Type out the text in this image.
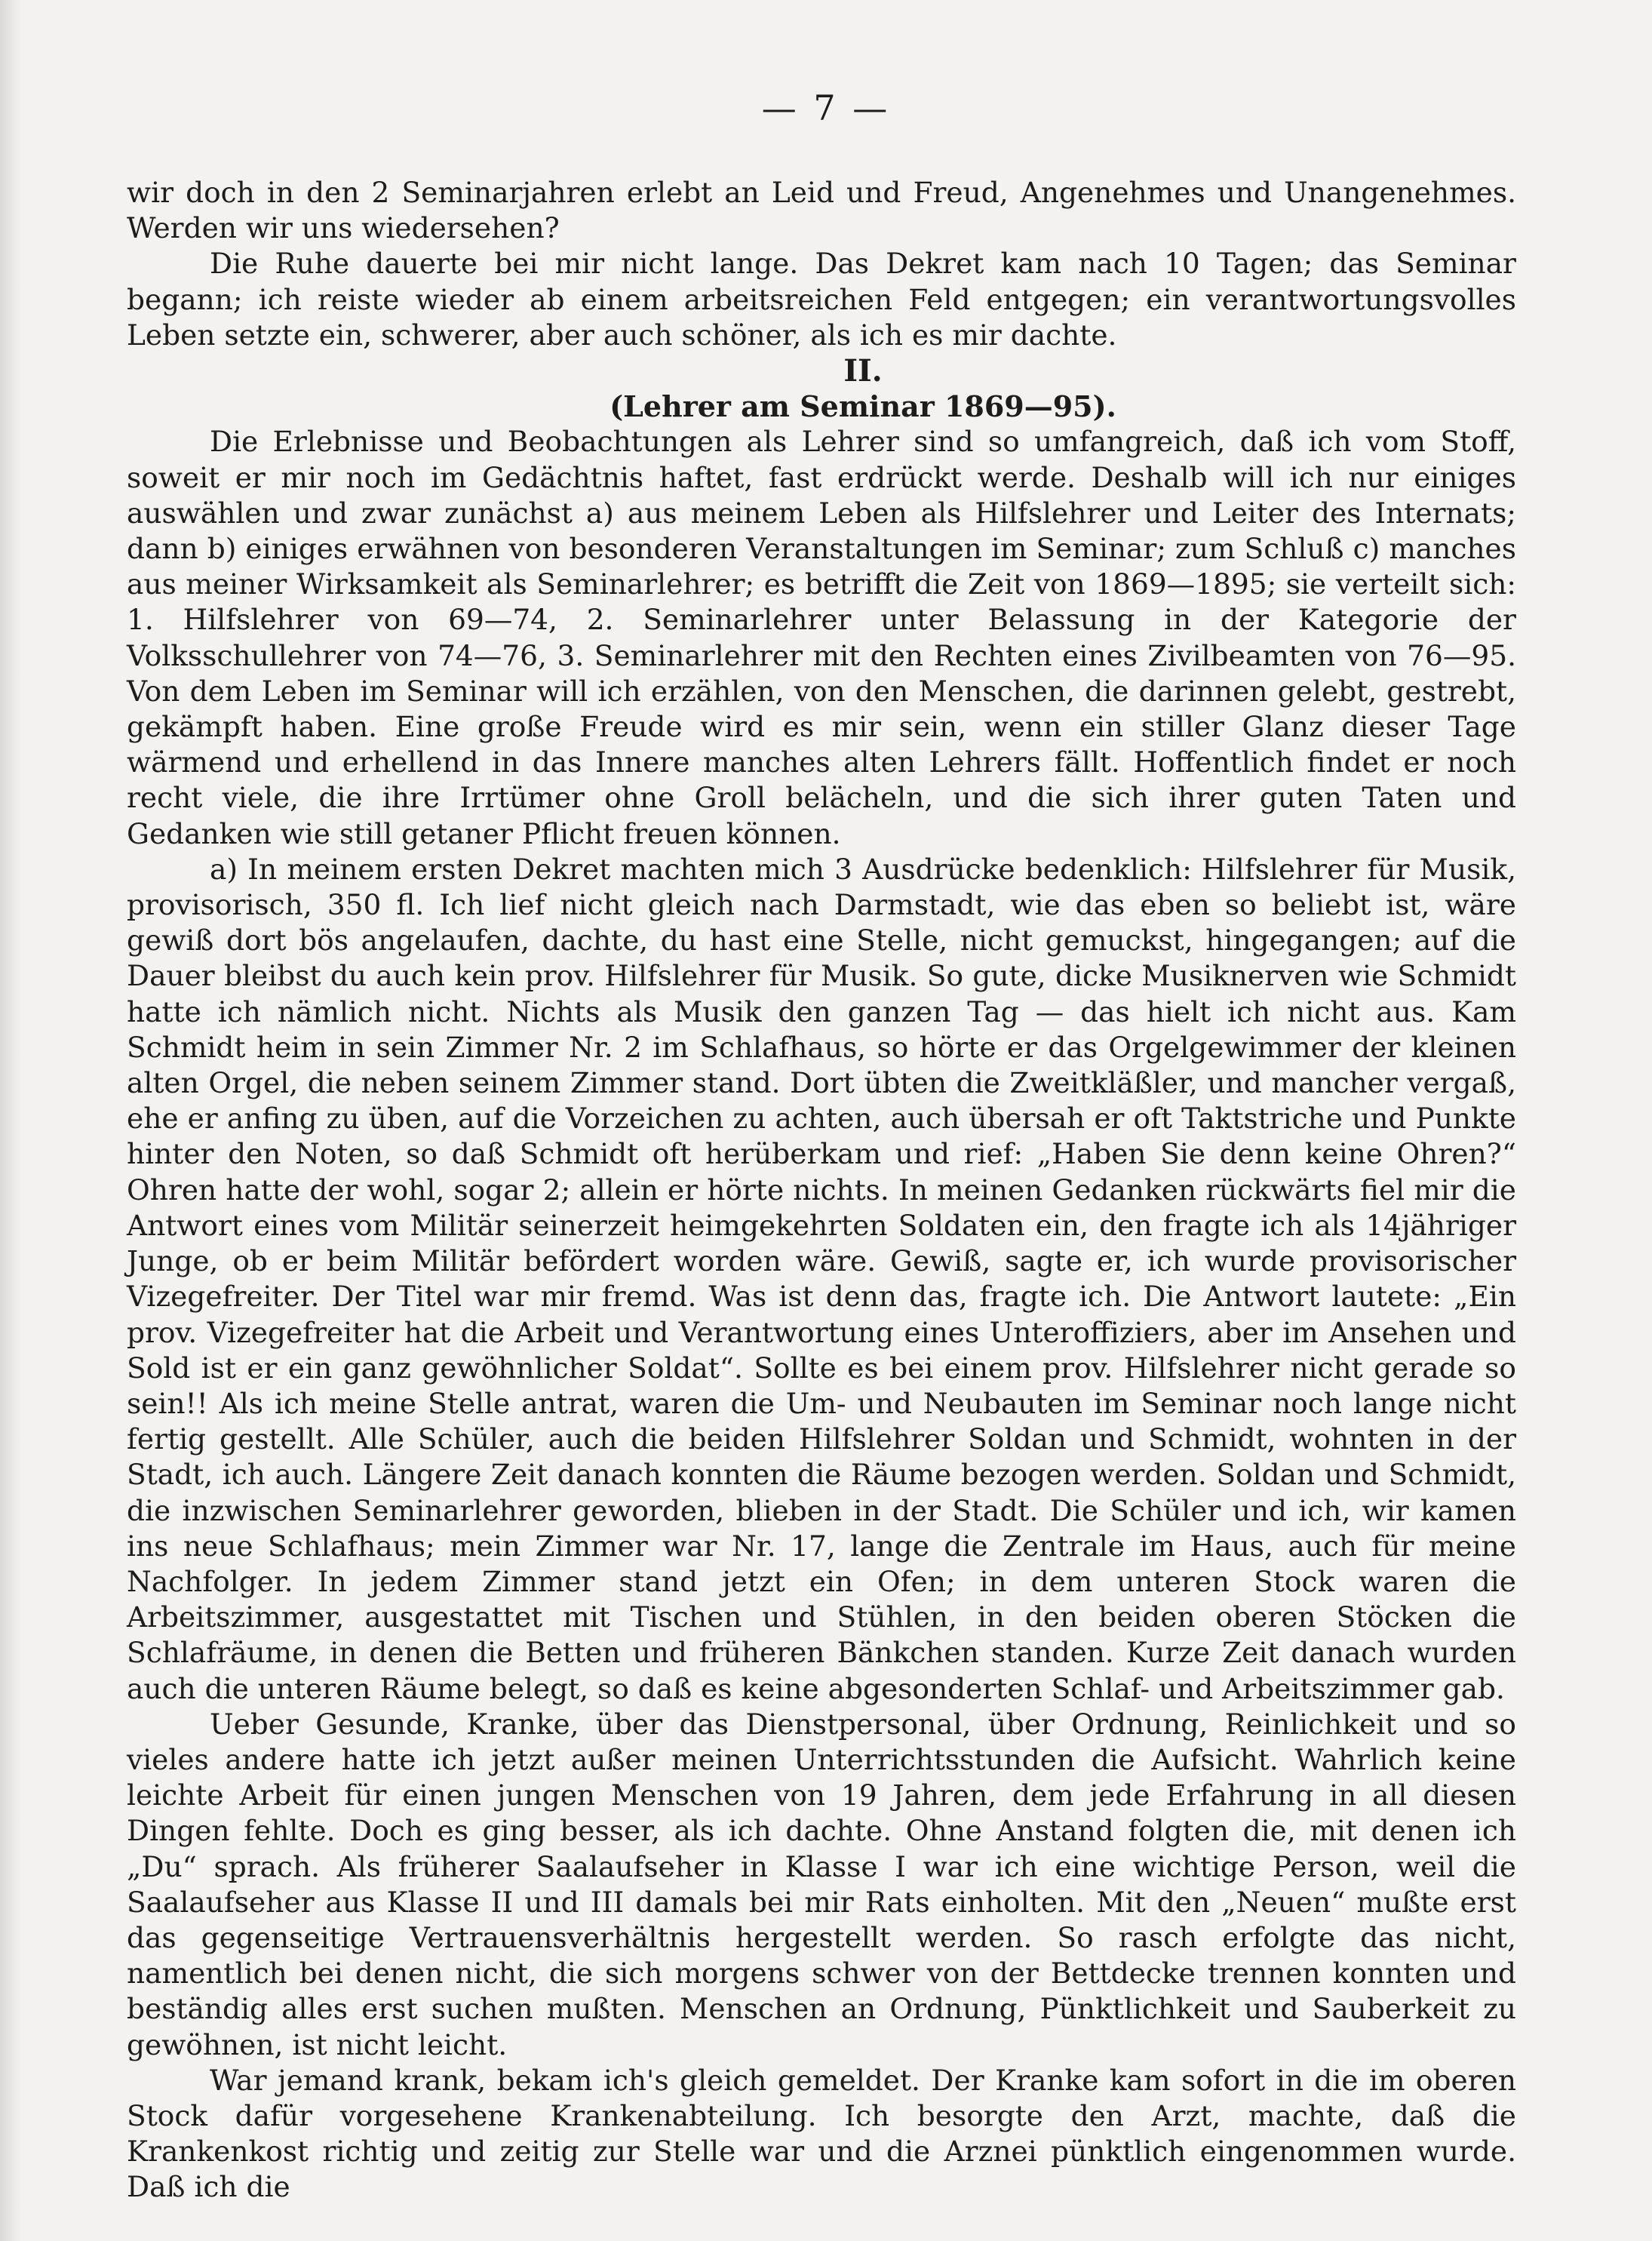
— 7 —

wir doch in den 2 Seminarjahren erlebt an Leid und Freud, Angenehmes und Unangenehmes. Werden wir uns wiedersehen?

Die Ruhe dauerte bei mir nicht lange. Das Dekret kam nach 10 Tagen; das Seminar begann; ich reiste wieder ab einem arbeitsreichen Feld entgegen; ein verantwortungsvolles Leben setzte ein, schwerer, aber auch schöner, als ich es mir dachte.

II.

(Lehrer am Seminar 1869—95).

Die Erlebnisse und Beobachtungen als Lehrer sind so umfangreich, daß ich vom Stoff, soweit er mir noch im Gedächtnis haftet, fast erdrückt werde. Deshalb will ich nur einiges auswählen und zwar zunächst a) aus meinem Leben als Hilfslehrer und Leiter des Internats; dann b) einiges erwähnen von besonderen Veranstaltungen im Seminar; zum Schluß c) manches aus meiner Wirksamkeit als Seminarlehrer; es betrifft die Zeit von 1869—1895; sie verteilt sich: 1. Hilfslehrer von 69—74, 2. Seminarlehrer unter Belassung in der Kategorie der Volksschullehrer von 74—76, 3. Seminarlehrer mit den Rechten eines Zivilbeamten von 76—95. Von dem Leben im Seminar will ich erzählen, von den Menschen, die darinnen gelebt, gestrebt, gekämpft haben. Eine große Freude wird es mir sein, wenn ein stiller Glanz dieser Tage wärmend und erhellend in das Innere manches alten Lehrers fällt. Hoffentlich findet er noch recht viele, die ihre Irrtümer ohne Groll belächeln, und die sich ihrer guten Taten und Gedanken wie still getaner Pflicht freuen können.

a) In meinem ersten Dekret machten mich 3 Ausdrücke bedenklich: Hilfslehrer für Musik, provisorisch, 350 fl. Ich lief nicht gleich nach Darmstadt, wie das eben so beliebt ist, wäre gewiß dort bös angelaufen, dachte, du hast eine Stelle, nicht gemuckst, hingegangen; auf die Dauer bleibst du auch kein prov. Hilfslehrer für Musik. So gute, dicke Musiknerven wie Schmidt hatte ich nämlich nicht. Nichts als Musik den ganzen Tag — das hielt ich nicht aus. Kam Schmidt heim in sein Zimmer Nr. 2 im Schlafhaus, so hörte er das Orgelgewimmer der kleinen alten Orgel, die neben seinem Zimmer stand. Dort übten die Zweitkläßler, und mancher vergaß, ehe er anfing zu üben, auf die Vorzeichen zu achten, auch übersah er oft Taktstriche und Punkte hinter den Noten, so daß Schmidt oft herüberkam und rief: „Haben Sie denn keine Ohren?“ Ohren hatte der wohl, sogar 2; allein er hörte nichts. In meinen Gedanken rückwärts fiel mir die Antwort eines vom Militär seinerzeit heimgekehrten Soldaten ein, den fragte ich als 14jähriger Junge, ob er beim Militär befördert worden wäre. Gewiß, sagte er, ich wurde provisorischer Vizegefreiter. Der Titel war mir fremd. Was ist denn das, fragte ich. Die Antwort lautete: „Ein prov. Vizegefreiter hat die Arbeit und Verantwortung eines Unteroffiziers, aber im Ansehen und Sold ist er ein ganz gewöhnlicher Soldat“. Sollte es bei einem prov. Hilfslehrer nicht gerade so sein!! Als ich meine Stelle antrat, waren die Um- und Neubauten im Seminar noch lange nicht fertig gestellt. Alle Schüler, auch die beiden Hilfslehrer Soldan und Schmidt, wohnten in der Stadt, ich auch. Längere Zeit danach konnten die Räume bezogen werden. Soldan und Schmidt, die inzwischen Seminarlehrer geworden, blieben in der Stadt. Die Schüler und ich, wir kamen ins neue Schlafhaus; mein Zimmer war Nr. 17, lange die Zentrale im Haus, auch für meine Nachfolger. In jedem Zimmer stand jetzt ein Ofen; in dem unteren Stock waren die Arbeitszimmer, ausgestattet mit Tischen und Stühlen, in den beiden oberen Stöcken die Schlafräume, in denen die Betten und früheren Bänkchen standen. Kurze Zeit danach wurden auch die unteren Räume belegt, so daß es keine abgesonderten Schlaf- und Arbeitszimmer gab.

Ueber Gesunde, Kranke, über das Dienstpersonal, über Ordnung, Reinlichkeit und so vieles andere hatte ich jetzt außer meinen Unterrichtsstunden die Aufsicht. Wahrlich keine leichte Arbeit für einen jungen Menschen von 19 Jahren, dem jede Erfahrung in all diesen Dingen fehlte. Doch es ging besser, als ich dachte. Ohne Anstand folgten die, mit denen ich „Du“ sprach. Als früherer Saalaufseher in Klasse I war ich eine wichtige Person, weil die Saalaufseher aus Klasse II und III damals bei mir Rats einholten. Mit den „Neuen“ mußte erst das gegenseitige Vertrauensverhältnis hergestellt werden. So rasch erfolgte das nicht, namentlich bei denen nicht, die sich morgens schwer von der Bettdecke trennen konnten und beständig alles erst suchen mußten. Menschen an Ordnung, Pünktlichkeit und Sauberkeit zu gewöhnen, ist nicht leicht.

War jemand krank, bekam ich's gleich gemeldet. Der Kranke kam sofort in die im oberen Stock dafür vorgesehene Krankenabteilung. Ich besorgte den Arzt, machte, daß die Krankenkost richtig und zeitig zur Stelle war und die Arznei pünktlich eingenommen wurde. Daß ich die
